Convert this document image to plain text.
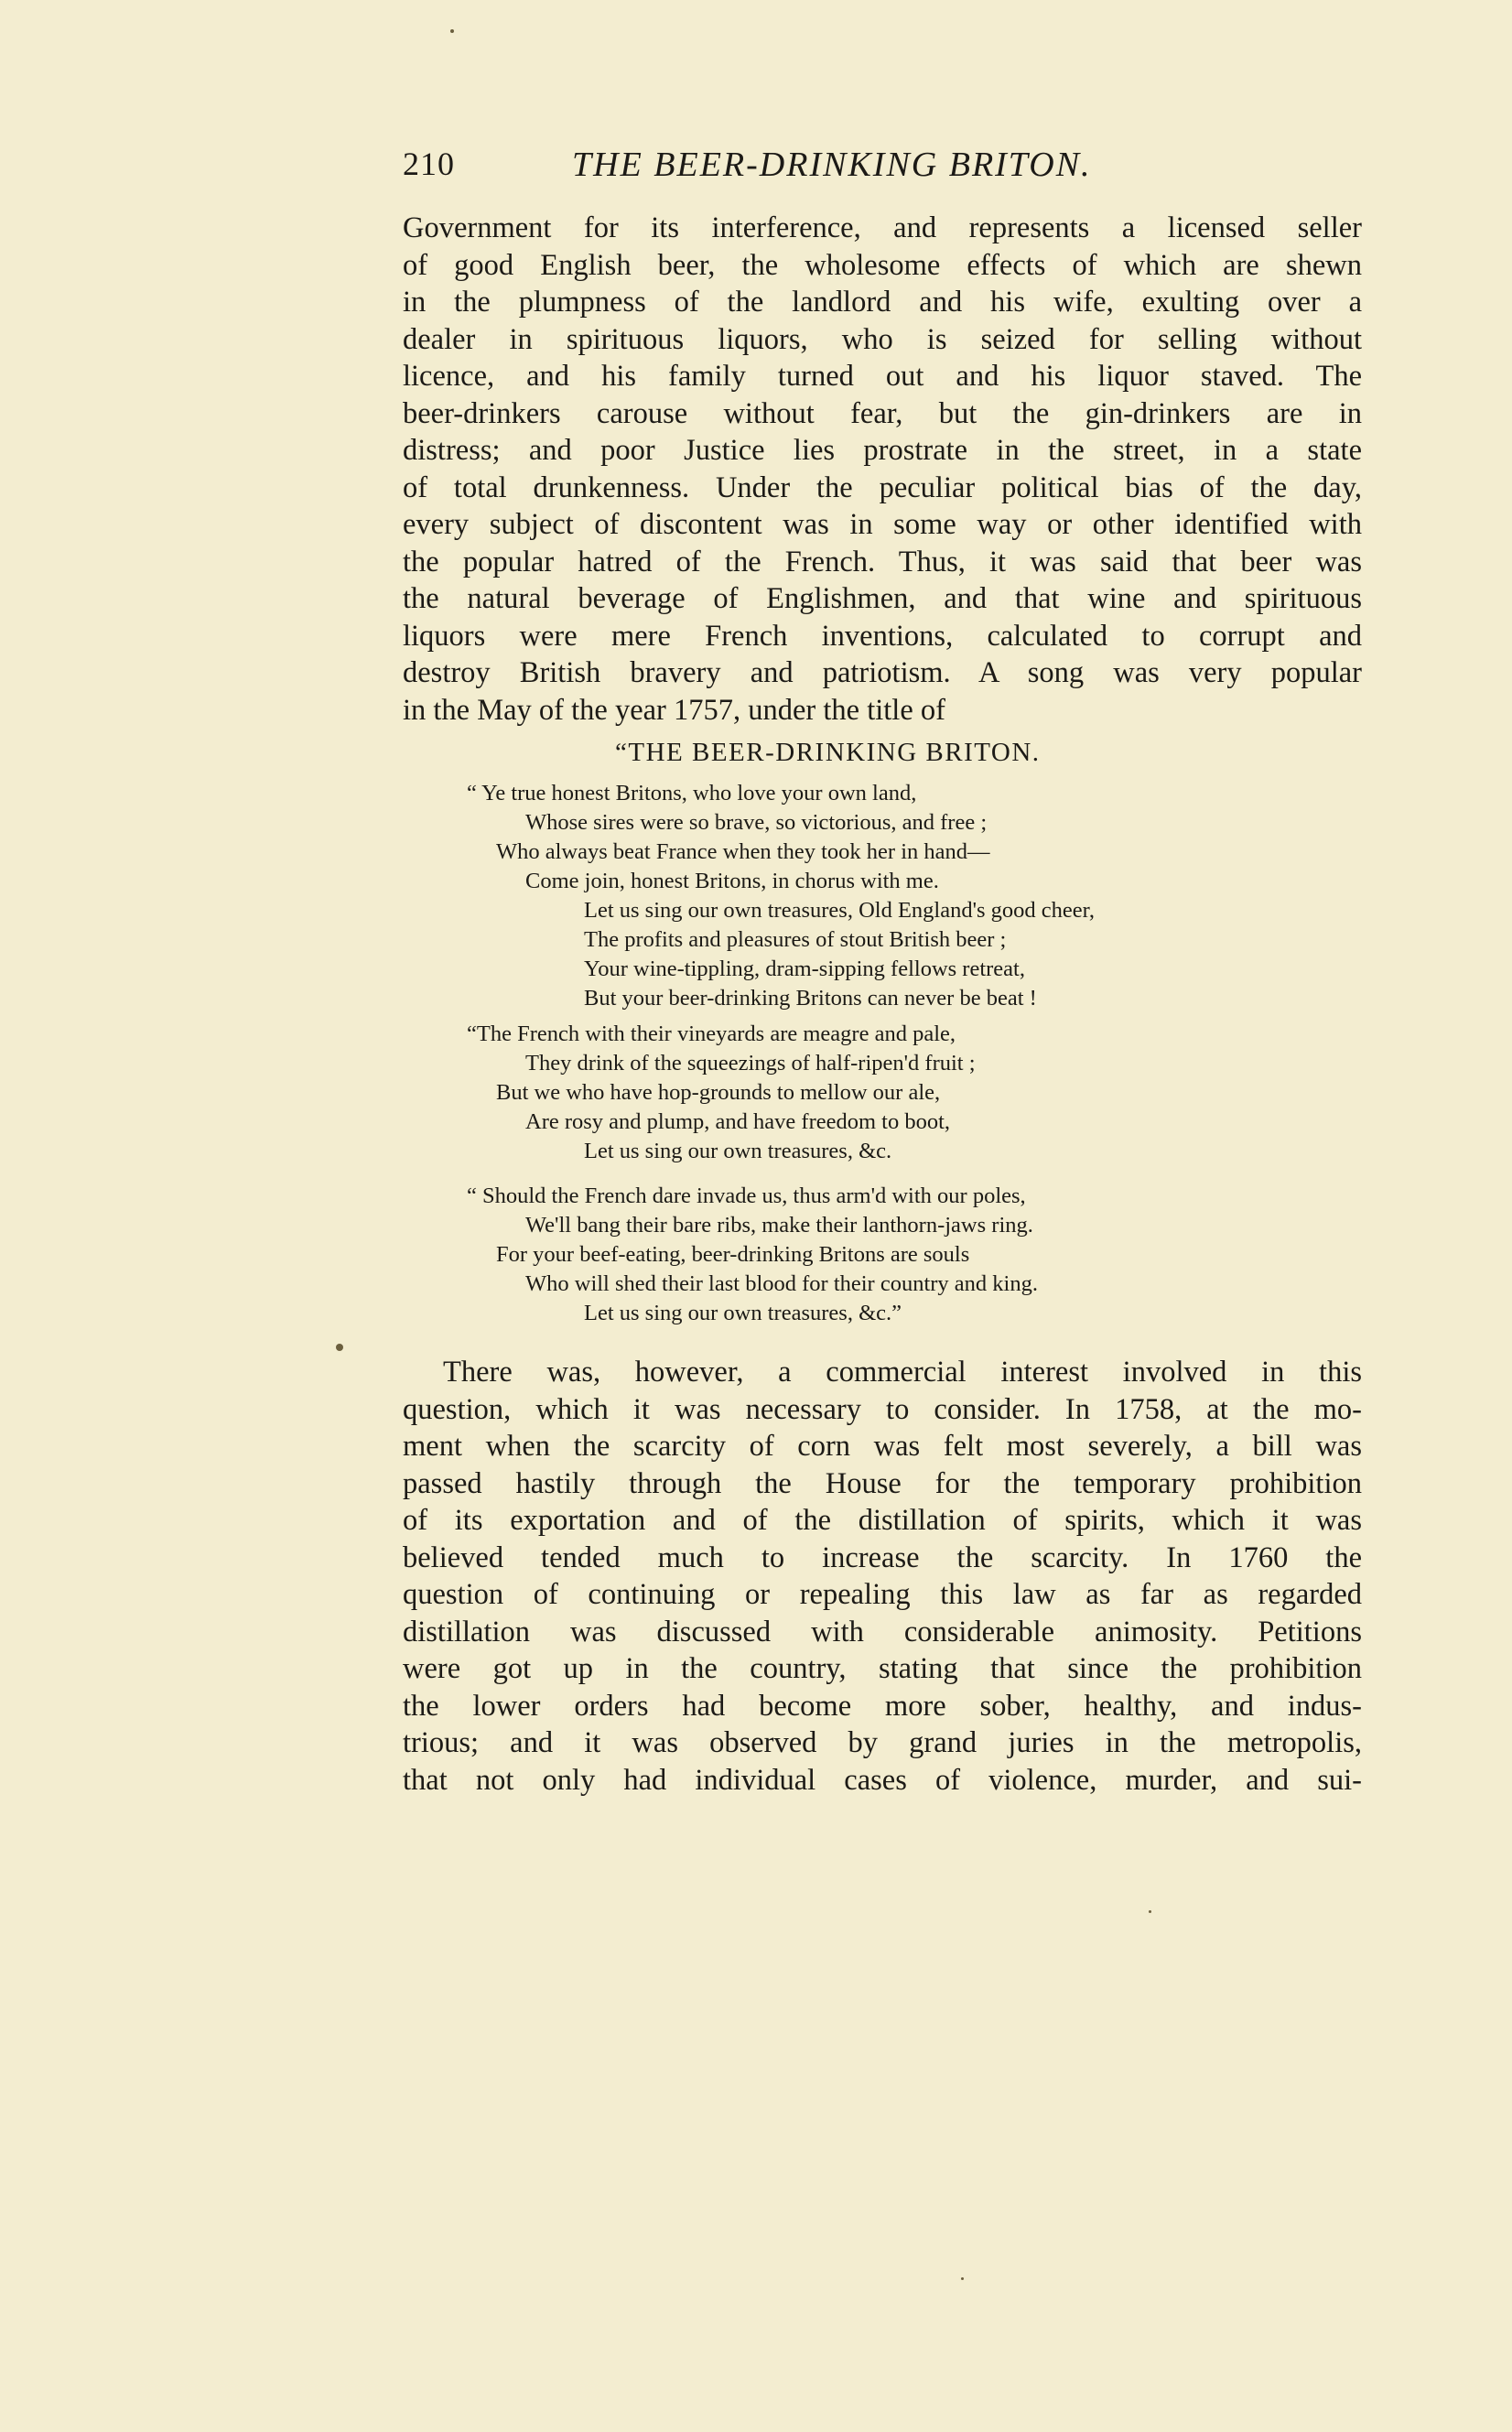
210	THE BEER-DRINKING BRITON.
Government for its interference, and represents a licensed seller
of good English beer, the wholesome effects of which are shewn
in the plumpness of the landlord and his wife, exulting over a
dealer in spirituous liquors, who is seized for selling without
licence, and his family turned out and his liquor staved. The
beer-drinkers carouse without fear, but the gin-drinkers are in
distress; and poor Justice lies prostrate in the street, in a state
of total drunkenness. Under the peculiar political bias of the day,
every subject of discontent was in some way or other identified with
the popular hatred of the French. Thus, it was said that beer was
the natural beverage of Englishmen, and that wine and spirituous
liquors were mere French inventions, calculated to corrupt and
destroy British bravery and patriotism. A song was very popular
in the May of the year 1757, under the title of
“THE BEER-DRINKING BRITON.
“ Ye true honest Britons, who love your own land,
Whose sires were so brave, so victorious, and free ;
Who always beat France when they took her in hand—
Come join, honest Britons, in chorus with me.
Let us sing our own treasures, Old England's good cheer,
The profits and pleasures of stout British beer ;
Your wine-tippling, dram-sipping fellows retreat,
But your beer-drinking Britons can never be beat !
“The French with their vineyards are meagre and pale,
They drink of the squeezings of half-ripen'd fruit ;
But we who have hop-grounds to mellow our ale,
Are rosy and plump, and have freedom to boot,
Let us sing our own treasures, &c.
“ Should the French dare invade us, thus arm'd with our poles,
We'll bang their bare ribs, make their lanthorn-jaws ring.
For your beef-eating, beer-drinking Britons are souls
Who will shed their last blood for their country and king.
Let us sing our own treasures, &c.”
There was, however, a commercial interest involved in this
question, which it was necessary to consider. In 1758, at the mo-
ment when the scarcity of corn was felt most severely, a bill was
passed hastily through the House for the temporary prohibition
of its exportation and of the distillation of spirits, which it was
believed tended much to increase the scarcity. In 1760 the
question of continuing or repealing this law as far as regarded
distillation was discussed with considerable animosity. Petitions
were got up in the country, stating that since the prohibition
the lower orders had become more sober, healthy, and indus-
trious; and it was observed by grand juries in the metropolis,
that not only had individual cases of violence, murder, and sui-
